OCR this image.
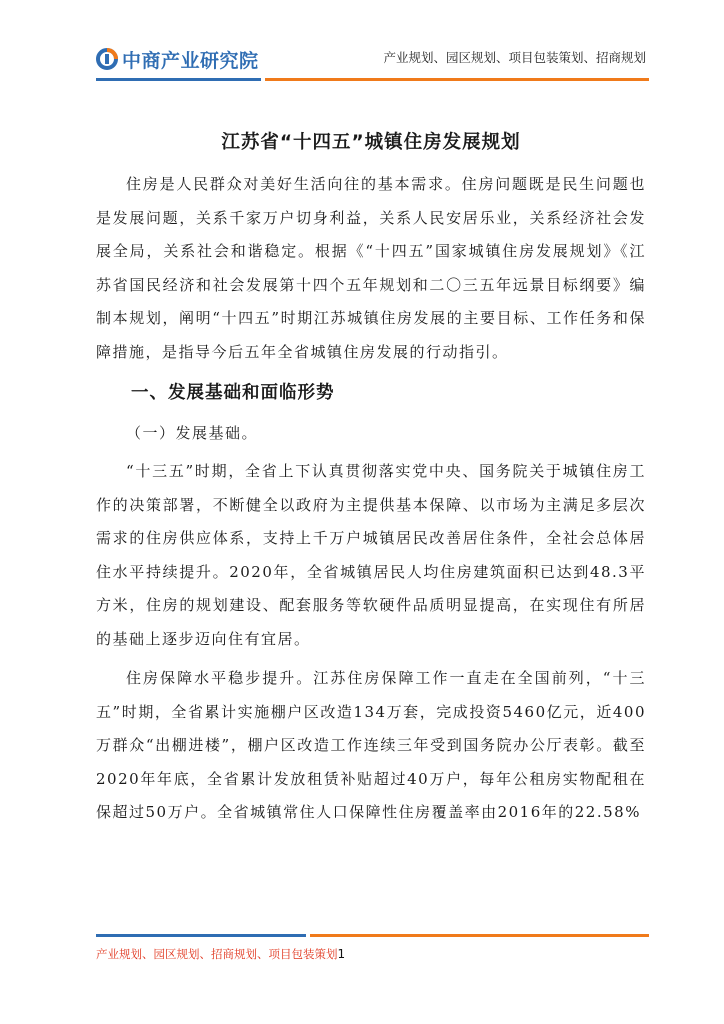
中商产业研究院	产业规划、园区规划、项目包装策划、招商规划
江苏省“十四五”城镇住房发展规划

住房是人民群众对美好生活向往的基本需求。住房问题既是民生问题也是发展问题，关系千家万户切身利益，关系人民安居乐业，关系经济社会发展全局，关系社会和谐稳定。根据《“十四五”国家城镇住房发展规划》《江苏省国民经济和社会发展第十四个五年规划和二〇三五年远景目标纲要》编制本规划，阐明“十四五”时期江苏城镇住房发展的主要目标、工作任务和保障措施，是指导今后五年全省城镇住房发展的行动指引。

一、发展基础和面临形势
（一）发展基础。

“十三五”时期，全省上下认真贯彻落实党中央、国务院关于城镇住房工作的决策部署，不断健全以政府为主提供基本保障、以市场为主满足多层次需求的住房供应体系，支持上千万户城镇居民改善居住条件，全社会总体居住水平持续提升。2020年，全省城镇居民人均住房建筑面积已达到48.3平方米，住房的规划建设、配套服务等软硬件品质明显提高，在实现住有所居的基础上逐步迈向住有宜居。

住房保障水平稳步提升。江苏住房保障工作一直走在全国前列，“十三五”时期，全省累计实施棚户区改造134万套，完成投资5460亿元，近400万群众“出棚进楼”，棚户区改造工作连续三年受到国务院办公厅表彰。截至2020年年底，全省累计发放租赁补贴超过40万户，每年公租房实物配租在保超过50万户。全省城镇常住人口保障性住房覆盖率由2016年的22.58%

产业规划、园区规划、招商规划、项目包装策划1
